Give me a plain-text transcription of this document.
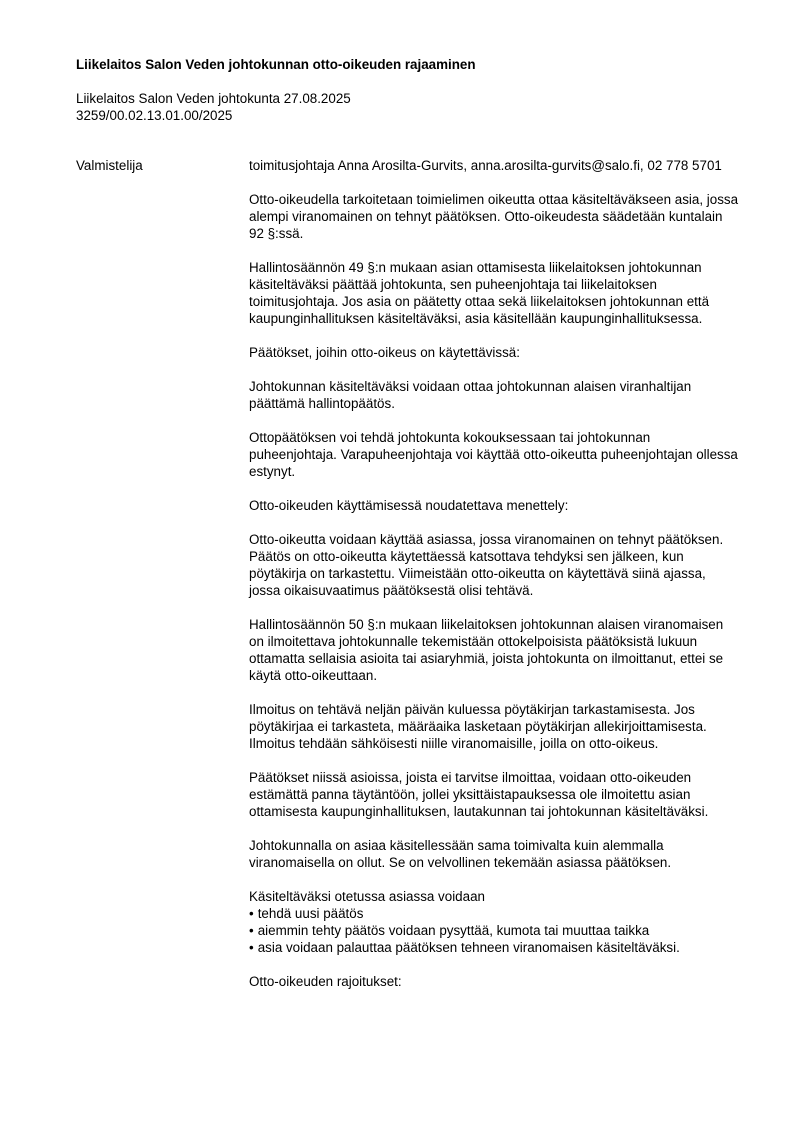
Liikelaitos Salon Veden johtokunnan otto-oikeuden rajaaminen
Liikelaitos Salon Veden johtokunta 27.08.2025
3259/00.02.13.01.00/2025
Valmistelija	toimitusjohtaja Anna Arosilta-Gurvits, anna.arosilta-gurvits@salo.fi, 02 778 5701

Otto-oikeudella tarkoitetaan toimielimen oikeutta ottaa käsiteltäväkseen asia, jossa alempi viranomainen on tehnyt päätöksen. Otto-oikeudesta säädetään kuntalain 92 §:ssä.

Hallintosäännön 49 §:n mukaan asian ottamisesta liikelaitoksen johtokunnan käsiteltäväksi päättää johtokunta, sen puheenjohtaja tai liikelaitoksen toimitusjohtaja. Jos asia on päätetty ottaa sekä liikelaitoksen johtokunnan että kaupunginhallituksen käsiteltäväksi, asia käsitellään kaupunginhallituksessa.

Päätökset, joihin otto-oikeus on käytettävissä:

Johtokunnan käsiteltäväksi voidaan ottaa johtokunnan alaisen viranhaltijan päättämä hallintopäätös.

Ottopäätöksen voi tehdä johtokunta kokouksessaan tai johtokunnan puheenjohtaja. Varapuheenjohtaja voi käyttää otto-oikeutta puheenjohtajan ollessa estynyt.

Otto-oikeuden käyttämisessä noudatettava menettely:

Otto-oikeutta voidaan käyttää asiassa, jossa viranomainen on tehnyt päätöksen. Päätös on otto-oikeutta käytettäessä katsottava tehdyksi sen jälkeen, kun pöytäkirja on tarkastettu. Viimeistään otto-oikeutta on käytettävä siinä ajassa, jossa oikaisuvaatimus päätöksestä olisi tehtävä.

Hallintosäännön 50 §:n mukaan liikelaitoksen johtokunnan alaisen viranomaisen on ilmoitettava johtokunnalle tekemistään ottokelpoisista päätöksistä lukuun ottamatta sellaisia asioita tai asiaryhmiä, joista johtokunta on ilmoittanut, ettei se käytä otto-oikeuttaan.

Ilmoitus on tehtävä neljän päivän kuluessa pöytäkirjan tarkastamisesta. Jos pöytäkirjaa ei tarkasteta, määräaika lasketaan pöytäkirjan allekirjoittamisesta. Ilmoitus tehdään sähköisesti niille viranomaisille, joilla on otto-oikeus.

Päätökset niissä asioissa, joista ei tarvitse ilmoittaa, voidaan otto-oikeuden estämättä panna täytäntöön, jollei yksittäistapauksessa ole ilmoitettu asian ottamisesta kaupunginhallituksen, lautakunnan tai johtokunnan käsiteltäväksi.

Johtokunnalla on asiaa käsitellessään sama toimivalta kuin alemmalla viranomaisella on ollut. Se on velvollinen tekemään asiassa päätöksen.

Käsiteltäväksi otetussa asiassa voidaan

• tehdä uusi päätös
• aiemmin tehty päätös voidaan pysyttää, kumota tai muuttaa taikka
• asia voidaan palauttaa päätöksen tehneen viranomaisen käsiteltäväksi.

Otto-oikeuden rajoitukset:
